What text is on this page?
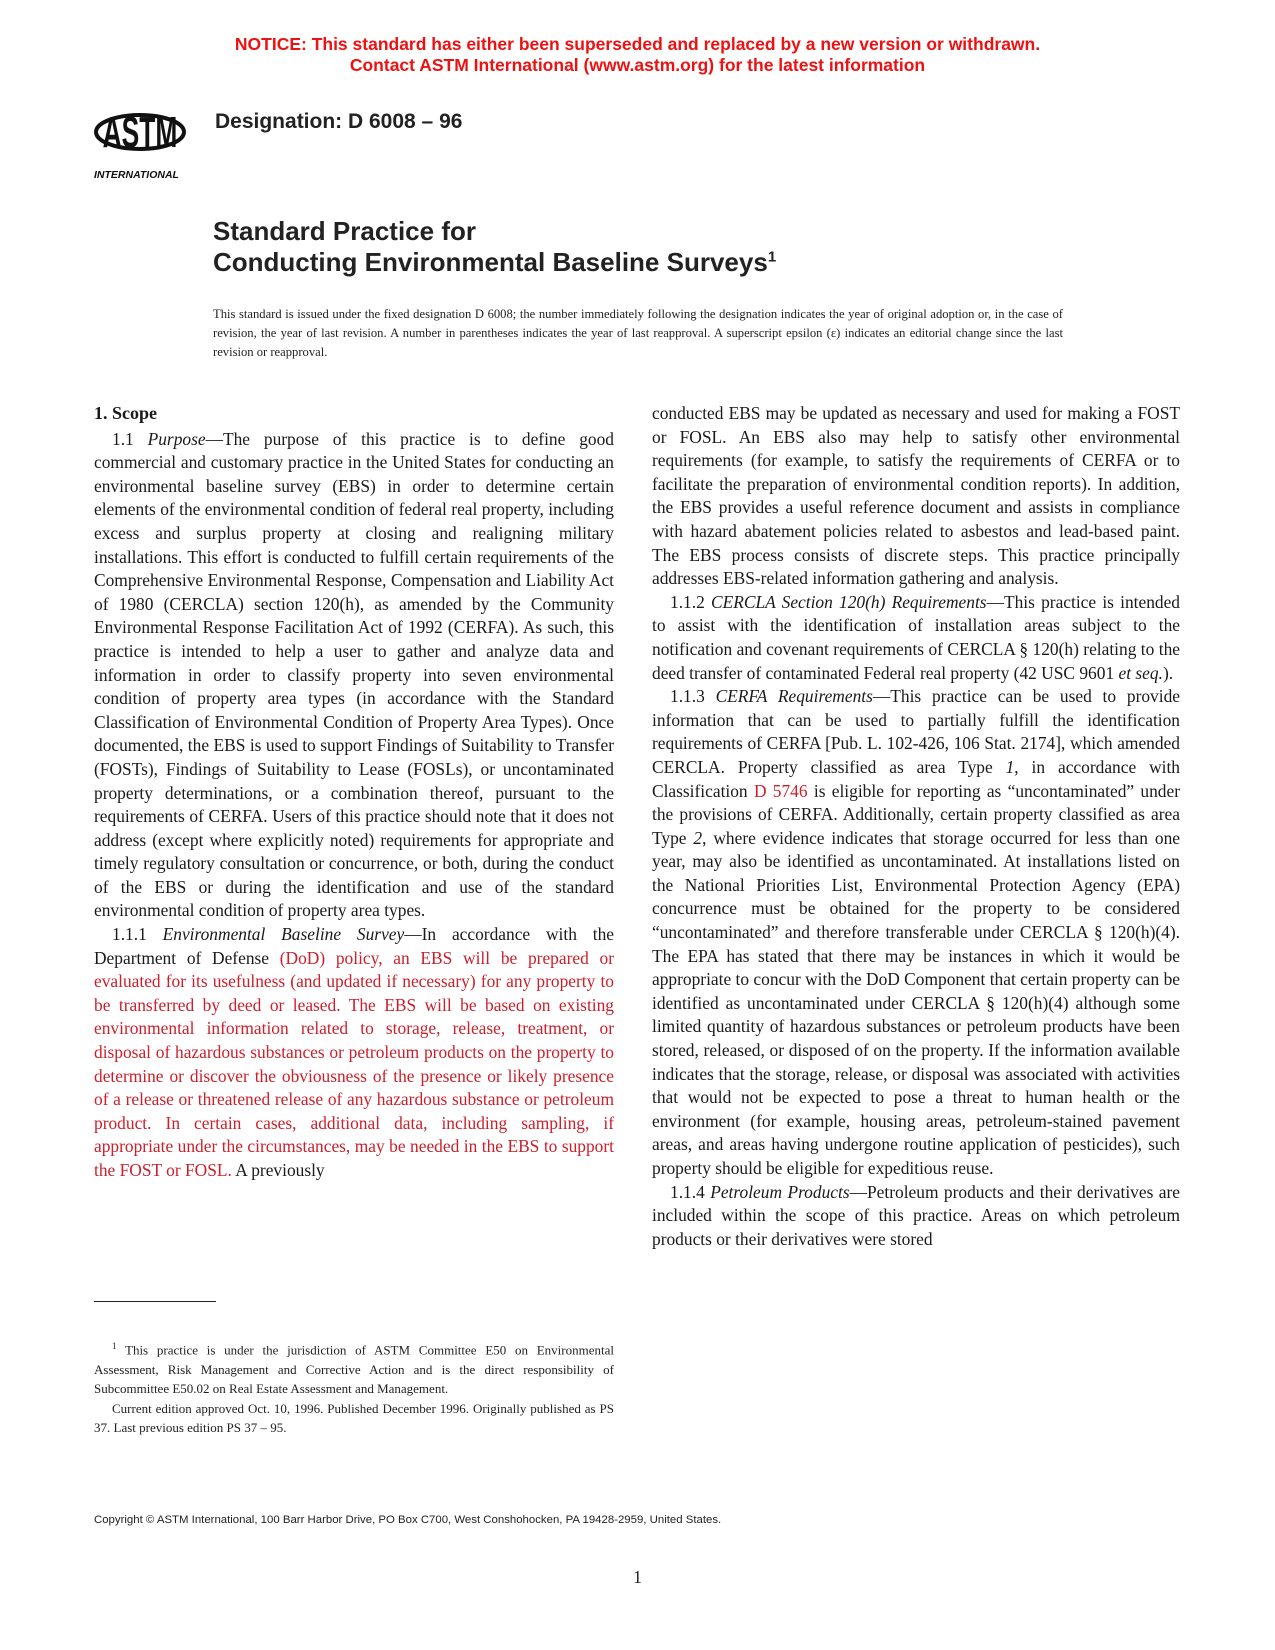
NOTICE: This standard has either been superseded and replaced by a new version or withdrawn.
Contact ASTM International (www.astm.org) for the latest information
ASTM
INTERNATIONAL
Designation: D 6008 – 96
Standard Practice for
Conducting Environmental Baseline Surveys$^1$
This standard is issued under the fixed designation D 6008; the number immediately following the designation indicates the year of original adoption or, in the case of revision, the year of last revision. A number in parentheses indicates the year of last reapproval. A superscript epsilon (ε) indicates an editorial change since the last revision or reapproval.

1. Scope

1.1 Purpose—The purpose of this practice is to define good commercial and customary practice in the United States for conducting an environmental baseline survey (EBS) in order to determine certain elements of the environmental condition of federal real property, including excess and surplus property at closing and realigning military installations. This effort is conducted to fulfill certain requirements of the Comprehensive Environmental Response, Compensation and Liability Act of 1980 (CERCLA) section 120(h), as amended by the Community Environmental Response Facilitation Act of 1992 (CERFA). As such, this practice is intended to help a user to gather and analyze data and information in order to classify property into seven environmental condition of property area types (in accordance with the Standard Classification of Environmental Condition of Property Area Types). Once documented, the EBS is used to support Findings of Suitability to Transfer (FOSTs), Findings of Suitability to Lease (FOSLs), or uncontaminated property determinations, or a combination thereof, pursuant to the requirements of CERFA. Users of this practice should note that it does not address (except where explicitly noted) requirements for appropriate and timely regulatory consultation or concurrence, or both, during the conduct of the EBS or during the identification and use of the standard environmental condition of property area types.

1.1.1 Environmental Baseline Survey—In accordance with the Department of Defense (DoD) policy, an EBS will be prepared or evaluated for its usefulness (and updated if necessary) for any property to be transferred by deed or leased. The EBS will be based on existing environmental information related to storage, release, treatment, or disposal of hazardous substances or petroleum products on the property to determine or discover the obviousness of the presence or likely presence of a release or threatened release of any hazardous substance or petroleum product. In certain cases, additional data, including sampling, if appropriate under the circumstances, may be needed in the EBS to support the FOST or FOSL. A previously

$^1$ This practice is under the jurisdiction of ASTM Committee E50 on Environmental Assessment, Risk Management and Corrective Action and is the direct responsibility of Subcommittee E50.02 on Real Estate Assessment and Management.

Current edition approved Oct. 10, 1996. Published December 1996. Originally published as PS 37. Last previous edition PS 37 – 95.

conducted EBS may be updated as necessary and used for making a FOST or FOSL. An EBS also may help to satisfy other environmental requirements (for example, to satisfy the requirements of CERFA or to facilitate the preparation of environmental condition reports). In addition, the EBS provides a useful reference document and assists in compliance with hazard abatement policies related to asbestos and lead-based paint. The EBS process consists of discrete steps. This practice principally addresses EBS-related information gathering and analysis.

1.1.2 CERCLA Section 120(h) Requirements—This practice is intended to assist with the identification of installation areas subject to the notification and covenant requirements of CERCLA § 120(h) relating to the deed transfer of contaminated Federal real property (42 USC 9601 et seq.).

1.1.3 CERFA Requirements—This practice can be used to provide information that can be used to partially fulfill the identification requirements of CERFA [Pub. L. 102-426, 106 Stat. 2174], which amended CERCLA. Property classified as area Type 1, in accordance with Classification D 5746 is eligible for reporting as “uncontaminated” under the provisions of CERFA. Additionally, certain property classified as area Type 2, where evidence indicates that storage occurred for less than one year, may also be identified as uncontaminated. At installations listed on the National Priorities List, Environmental Protection Agency (EPA) concurrence must be obtained for the property to be considered “uncontaminated” and therefore transferable under CERCLA § 120(h)(4). The EPA has stated that there may be instances in which it would be appropriate to concur with the DoD Component that certain property can be identified as uncontaminated under CERCLA § 120(h)(4) although some limited quantity of hazardous substances or petroleum products have been stored, released, or disposed of on the property. If the information available indicates that the storage, release, or disposal was associated with activities that would not be expected to pose a threat to human health or the environment (for example, housing areas, petroleum-stained pavement areas, and areas having undergone routine application of pesticides), such property should be eligible for expeditious reuse.

1.1.4 Petroleum Products—Petroleum products and their derivatives are included within the scope of this practice. Areas on which petroleum products or their derivatives were stored

Copyright © ASTM International, 100 Barr Harbor Drive, PO Box C700, West Conshohocken, PA 19428-2959, United States.
1
